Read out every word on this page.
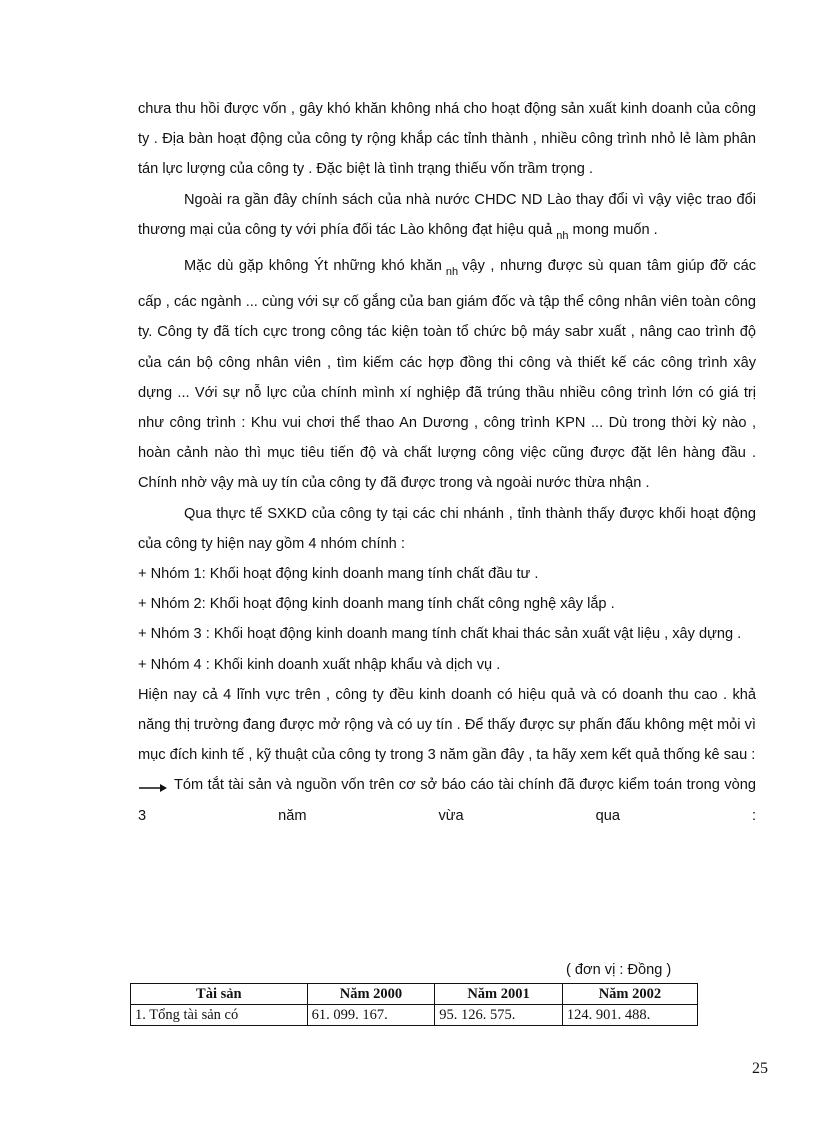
chưa thu hồi được vốn , gây khó khăn không nhá cho hoạt động sản xuất kinh doanh của công ty . Địa bàn hoạt động của công ty rộng khắp các tỉnh thành , nhiều công trình nhỏ lẻ làm phân tán lực lượng của công ty . Đặc biệt là tình trạng thiếu vốn trầm trọng .

Ngoài ra gần đây chính sách của nhà nước CHDC ND Lào thay đổi vì vậy việc trao đổi thương mại của công ty với phía đối tác Lào không đạt hiệu quả $_{nh}$ mong muốn .

Mặc dù gặp không Ýt những khó khăn $_{nh}$ vậy , nhưng được sù quan tâm giúp đỡ các cấp , các ngành ... cùng với sự cố gắng của ban giám đốc và tập thể công nhân viên toàn công ty. Công ty đã tích cực trong công tác kiện toàn tổ chức bộ máy sabr xuất , nâng cao trình độ của cán bộ công nhân viên , tìm kiếm các hợp đồng thi công và thiết kế các công trình xây dựng ... Với sự nỗ lực của chính mình xí nghiệp đã trúng thầu nhiều công trình lớn có giá trị như công trình : Khu vui chơi thể thao An Dương , công trình KPN ... Dù trong thời kỳ nào , hoàn cảnh nào thì mục tiêu tiến độ và chất lượng công việc cũng được đặt lên hàng đầu . Chính nhờ vậy mà uy tín của công ty đã được trong và ngoài nước thừa nhận .

Qua thực tế SXKD của công ty tại các chi nhánh , tỉnh thành thấy được khối hoạt động của công ty hiện nay gồm 4 nhóm chính :

+ Nhóm 1: Khối hoạt động kinh doanh mang tính chất đầu tư .

+ Nhóm 2: Khối hoạt động kinh doanh mang tính chất công nghệ xây lắp .

+ Nhóm 3 : Khối hoạt động kinh doanh mang tính chất khai thác sản xuất vật liệu , xây dựng .

+ Nhóm 4 : Khối kinh doanh xuất nhập khẩu và dịch vụ .

Hiện nay cả 4 lĩnh vực trên , công ty đều kinh doanh có hiệu quả và có doanh thu cao . khả năng thị trường đang được mở rộng và có uy tín . Để thấy được sự phấn đấu không mệt mỏi vì mục đích kinh tế , kỹ thuật của công ty trong 3 năm gần đây , ta hãy xem kết quả thống kê sau :

Tóm tắt tài sản và nguồn vốn trên cơ sở báo cáo tài chính đã được kiểm toán trong vòng 3 năm vừa qua :

( đơn vị : Đồng )
Tài sản	Năm 2000	Năm 2001	Năm 2002
1. Tổng tài sản có	61. 099. 167.	95. 126. 575.	124. 901. 488.
25
